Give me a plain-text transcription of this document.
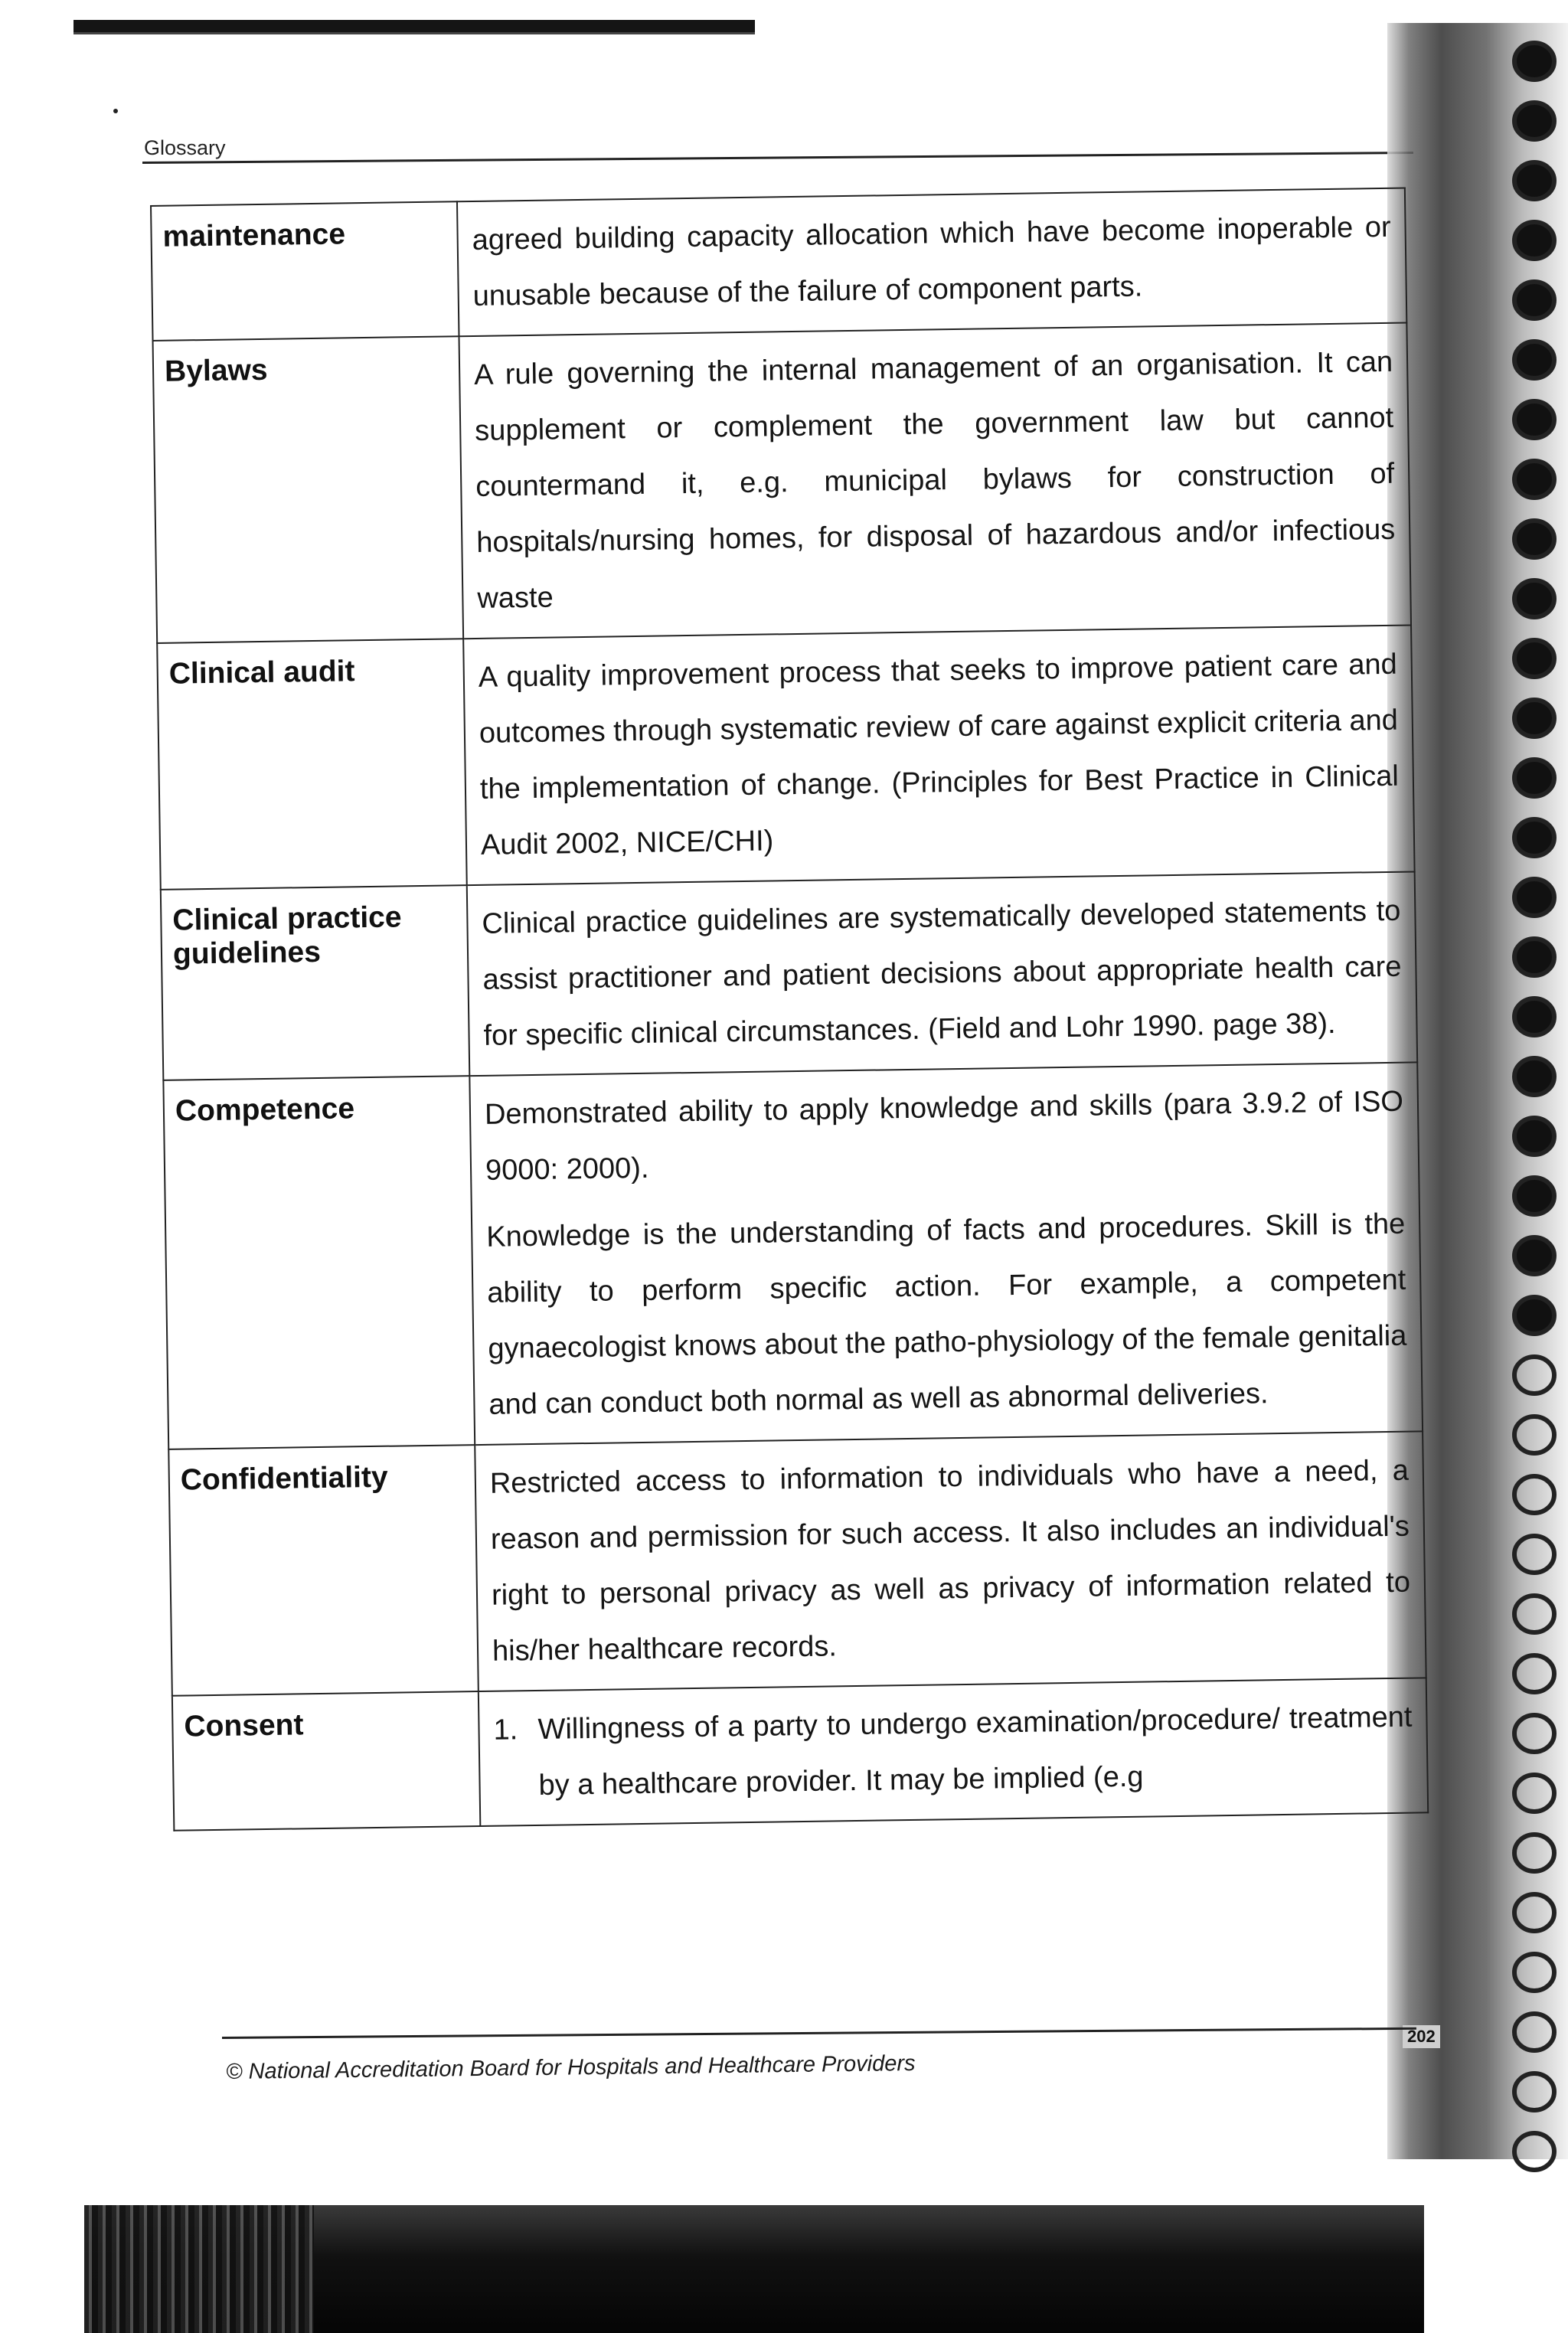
Glossary
maintenance	agreed building capacity allocation which have become inoperable or unusable because of the failure of component parts.

Bylaws	A rule governing the internal management of an organisation. It can supplement or complement the government law but cannot countermand it, e.g. municipal bylaws for construction of hospitals/nursing homes, for disposal of hazardous and/or infectious waste

Clinical audit	A quality improvement process that seeks to improve patient care and outcomes through systematic review of care against explicit criteria and the implementation of change. (Principles for Best Practice in Clinical Audit 2002, NICE/CHI)

Clinical practice guidelines	Clinical practice guidelines are systematically developed statements to assist practitioner and patient decisions about appropriate health care for specific clinical circumstances. (Field and Lohr 1990. page 38).

Competence	Demonstrated ability to apply knowledge and skills (para 3.9.2 of ISO 9000: 2000).

Knowledge is the understanding of facts and procedures. Skill is the ability to perform specific action. For example, a competent gynaecologist knows about the patho-physiology of the female genitalia and can conduct both normal as well as abnormal deliveries.

Confidentiality	Restricted access to information to individuals who have a need, a reason and permission for such access. It also includes an individual's right to personal privacy as well as privacy of information related to his/her healthcare records.

Consent	1. Willingness of a party to undergo examination/procedure/ treatment by a healthcare provider. It may be implied (e.g
202
© National Accreditation Board for Hospitals and Healthcare Providers
